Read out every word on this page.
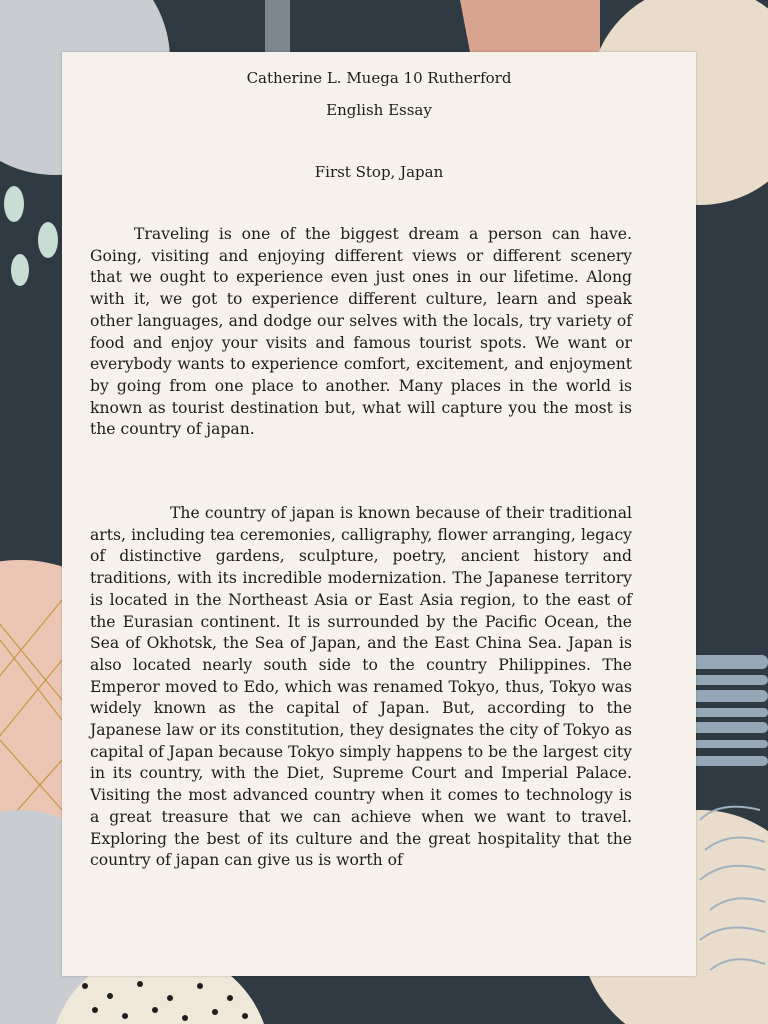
Catherine L. Muega 10 Rutherford
English Essay
First Stop, Japan

Traveling is one of the biggest dream a person can have. Going, visiting and enjoying different views or different scenery that we ought to experience even just ones in our lifetime. Along with it, we got to experience different culture, learn and speak other languages, and dodge our selves with the locals, try variety of food and enjoy your visits and famous tourist spots. We want or everybody wants to experience comfort, excitement, and enjoyment by going from one place to another. Many places in the world is known as tourist destination but, what will capture you the most is the country of japan.

The country of japan is known because of their traditional arts, including tea ceremonies, calligraphy, flower arranging, legacy of distinctive gardens, sculpture, poetry, ancient history and traditions, with its incredible modernization. The Japanese territory is located in the Northeast Asia or East Asia region, to the east of the Eurasian continent. It is surrounded by the Pacific Ocean, the Sea of Okhotsk, the Sea of Japan, and the East China Sea. Japan is also located nearly south side to the country Philippines. The Emperor moved to Edo, which was renamed Tokyo, thus, Tokyo was widely known as the capital of Japan. But, according to the Japanese law or its constitution, they designates the city of Tokyo as capital of Japan because Tokyo simply happens to be the largest city in its country, with the Diet, Supreme Court and Imperial Palace. Visiting the most advanced country when it comes to technology is a great treasure that we can achieve when we want to travel. Exploring the best of its culture and the great hospitality that the country of japan can give us is worth of
